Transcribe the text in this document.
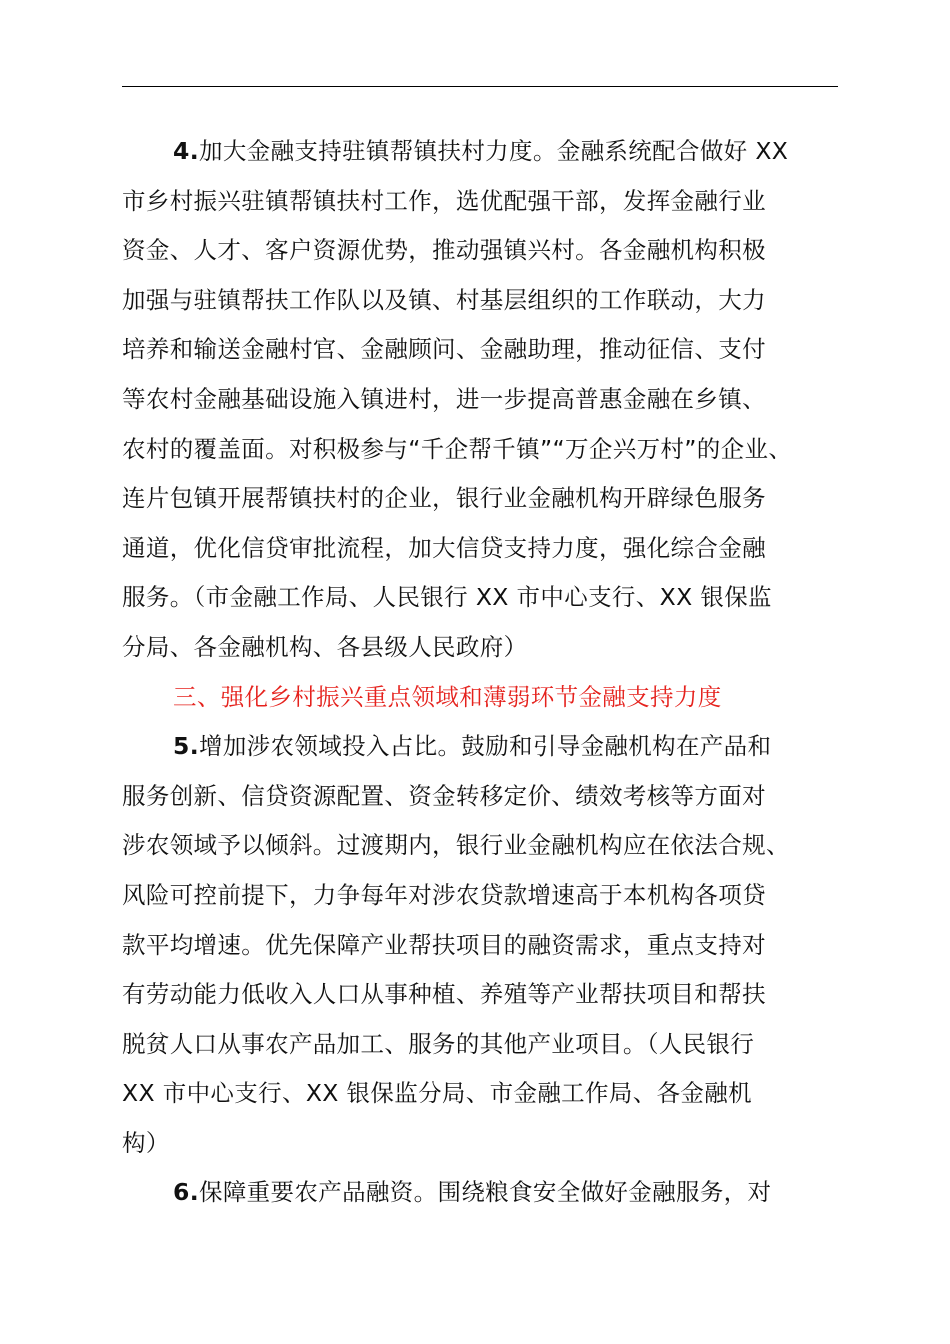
4.加大金融支持驻镇帮镇扶村力度。金融系统配合做好 XX
市乡村振兴驻镇帮镇扶村工作，选优配强干部，发挥金融行业
资金、人才、客户资源优势，推动强镇兴村。各金融机构积极
加强与驻镇帮扶工作队以及镇、村基层组织的工作联动，大力
培养和输送金融村官、金融顾问、金融助理，推动征信、支付
等农村金融基础设施入镇进村，进一步提高普惠金融在乡镇、
农村的覆盖面。对积极参与“千企帮千镇”“万企兴万村”的企业、
连片包镇开展帮镇扶村的企业，银行业金融机构开辟绿色服务
通道，优化信贷审批流程，加大信贷支持力度，强化综合金融
服务。（市金融工作局、人民银行 XX 市中心支行、XX 银保监
分局、各金融机构、各县级人民政府）
三、强化乡村振兴重点领域和薄弱环节金融支持力度
5.增加涉农领域投入占比。鼓励和引导金融机构在产品和
服务创新、信贷资源配置、资金转移定价、绩效考核等方面对
涉农领域予以倾斜。过渡期内，银行业金融机构应在依法合规、
风险可控前提下，力争每年对涉农贷款增速高于本机构各项贷
款平均增速。优先保障产业帮扶项目的融资需求，重点支持对
有劳动能力低收入人口从事种植、养殖等产业帮扶项目和帮扶
脱贫人口从事农产品加工、服务的其他产业项目。（人民银行
XX 市中心支行、XX 银保监分局、市金融工作局、各金融机
构）
6.保障重要农产品融资。围绕粮食安全做好金融服务，对
